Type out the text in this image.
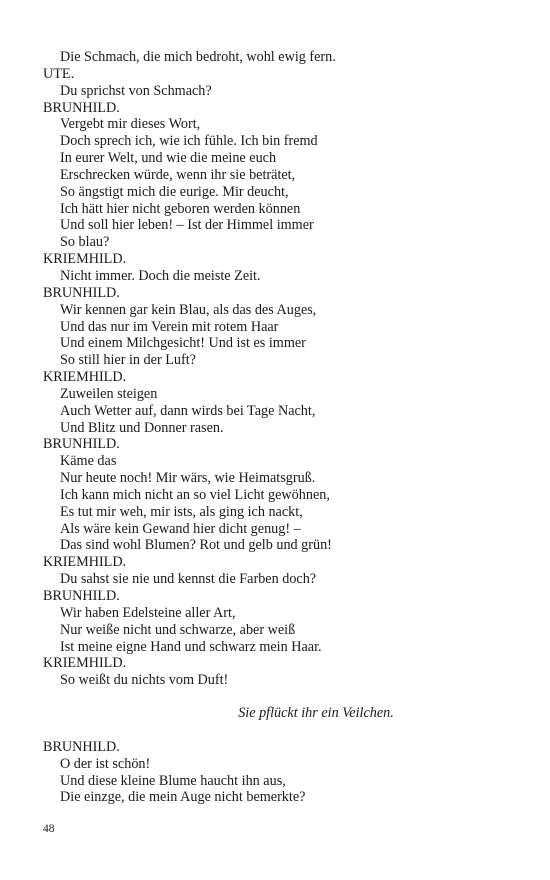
Die Schmach, die mich bedroht, wohl ewig fern.
UTE.
Du sprichst von Schmach?
BRUNHILD.
Vergebt mir dieses Wort,
Doch sprech ich, wie ich fühle. Ich bin fremd
In eurer Welt, und wie die meine euch
Erschrecken würde, wenn ihr sie beträtet,
So ängstigt mich die eurige. Mir deucht,
Ich hätt hier nicht geboren werden können
Und soll hier leben! – Ist der Himmel immer
So blau?
KRIEMHILD.
Nicht immer. Doch die meiste Zeit.
BRUNHILD.
Wir kennen gar kein Blau, als das des Auges,
Und das nur im Verein mit rotem Haar
Und einem Milchgesicht! Und ist es immer
So still hier in der Luft?
KRIEMHILD.
Zuweilen steigen
Auch Wetter auf, dann wirds bei Tage Nacht,
Und Blitz und Donner rasen.
BRUNHILD.
Käme das
Nur heute noch! Mir wärs, wie Heimatsgruß.
Ich kann mich nicht an so viel Licht gewöhnen,
Es tut mir weh, mir ists, als ging ich nackt,
Als wäre kein Gewand hier dicht genug! –
Das sind wohl Blumen? Rot und gelb und grün!
KRIEMHILD.
Du sahst sie nie und kennst die Farben doch?
BRUNHILD.
Wir haben Edelsteine aller Art,
Nur weiße nicht und schwarze, aber weiß
Ist meine eigne Hand und schwarz mein Haar.
KRIEMHILD.
So weißt du nichts vom Duft!
Sie pflückt ihr ein Veilchen.
BRUNHILD.
O der ist schön!
Und diese kleine Blume haucht ihn aus,
Die einzge, die mein Auge nicht bemerkte?
48
